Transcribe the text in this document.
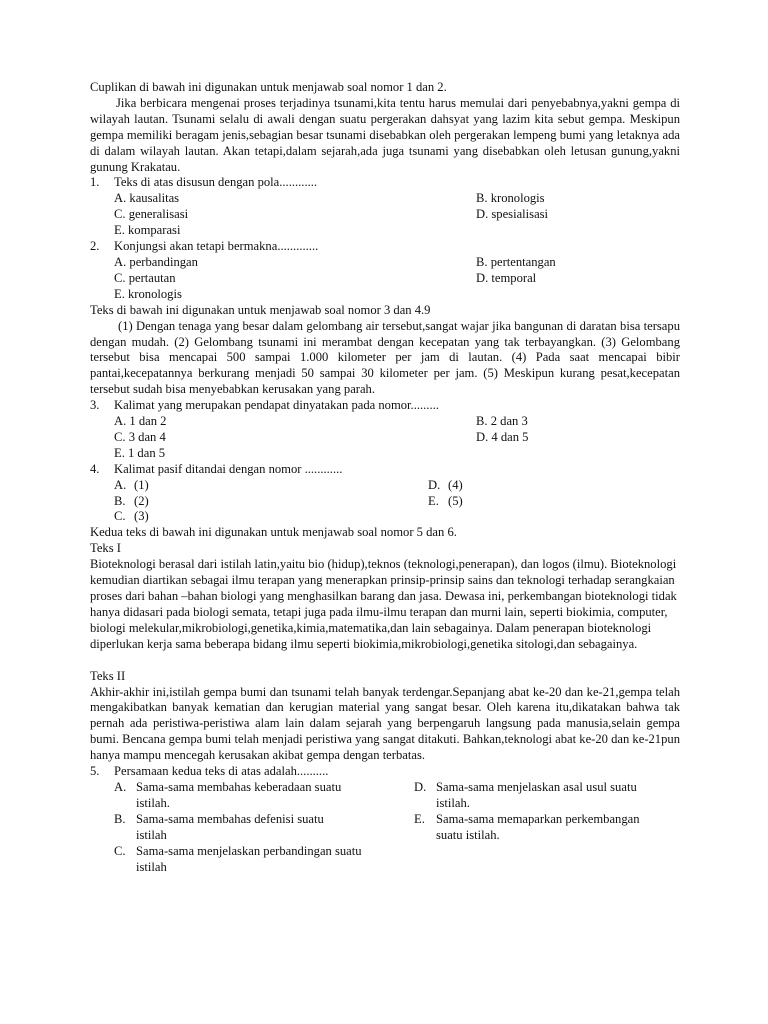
Cuplikan di bawah ini digunakan untuk menjawab soal nomor 1 dan 2.

Jika berbicara mengenai proses terjadinya tsunami,kita tentu harus memulai dari penyebabnya,yakni gempa di wilayah lautan. Tsunami selalu di awali dengan suatu pergerakan dahsyat yang lazim kita sebut gempa. Meskipun gempa memiliki beragam jenis,sebagian besar tsunami disebabkan oleh pergerakan lempeng bumi yang letaknya ada di dalam wilayah lautan. Akan tetapi,dalam sejarah,ada juga tsunami yang disebabkan oleh letusan gunung,yakni gunung Krakatau.

1.	Teks di atas disusun dengan pola............
A. kausalitas	B. kronologis
C. generalisasi	D. spesialisasi
E. komparasi
2.	Konjungsi akan tetapi bermakna.............
A. perbandingan	B. pertentangan
C. pertautan	D. temporal
E. kronologis

Teks di bawah ini digunakan untuk menjawab soal nomor 3 dan 4.9

(1) Dengan tenaga yang besar dalam gelombang air tersebut,sangat wajar jika bangunan di daratan bisa tersapu dengan mudah. (2) Gelombang tsunami ini merambat dengan kecepatan yang tak terbayangkan. (3) Gelombang tersebut bisa mencapai 500 sampai 1.000 kilometer per jam di lautan. (4) Pada saat mencapai bibir pantai,kecepatannya berkurang menjadi 50 sampai 30 kilometer per jam. (5) Meskipun kurang pesat,kecepatan tersebut sudah bisa menyebabkan kerusakan yang parah.

3.	Kalimat yang merupakan pendapat dinyatakan pada nomor.........
A. 1 dan 2	B. 2 dan 3
C. 3 dan 4	D. 4 dan 5
E. 1 dan 5
4.	Kalimat pasif ditandai dengan nomor ............
A. (1)	D. (4)
B. (2)	E. (5)
C. (3)

Kedua teks di bawah ini digunakan untuk menjawab soal nomor 5 dan 6.

Teks I

Bioteknologi berasal dari istilah latin,yaitu bio (hidup),teknos (teknologi,penerapan), dan logos (ilmu). Bioteknologi kemudian diartikan sebagai ilmu terapan yang menerapkan prinsip-prinsip sains dan teknologi terhadap serangkaian proses dari bahan –bahan biologi yang menghasilkan barang dan jasa. Dewasa ini, perkembangan bioteknologi tidak hanya didasari pada biologi semata, tetapi juga pada ilmu-ilmu terapan dan murni lain, seperti biokimia, computer, biologi melekular,mikrobiologi,genetika,kimia,matematika,dan lain sebagainya. Dalam penerapan bioteknologi diperlukan kerja sama beberapa bidang ilmu seperti biokimia,mikrobiologi,genetika sitologi,dan sebagainya.

Teks II

Akhir-akhir ini,istilah gempa bumi dan tsunami telah banyak terdengar.Sepanjang abat ke-20 dan ke-21,gempa telah mengakibatkan banyak kematian dan kerugian material yang sangat besar. Oleh karena itu,dikatakan bahwa tak pernah ada peristiwa-peristiwa alam lain dalam sejarah yang berpengaruh langsung pada manusia,selain gempa bumi. Bencana gempa bumi telah menjadi peristiwa yang sangat ditakuti. Bahkan,teknologi abat ke-20 dan ke-21pun hanya mampu mencegah kerusakan akibat gempa dengan terbatas.

5.	Persamaan kedua teks di atas adalah..........
A. Sama-sama membahas keberadaan suatu istilah.
B. Sama-sama membahas defenisi suatu istilah
C. Sama-sama menjelaskan perbandingan suatu istilah
D. Sama-sama menjelaskan asal usul suatu istilah.
E. Sama-sama memaparkan perkembangan suatu istilah.
